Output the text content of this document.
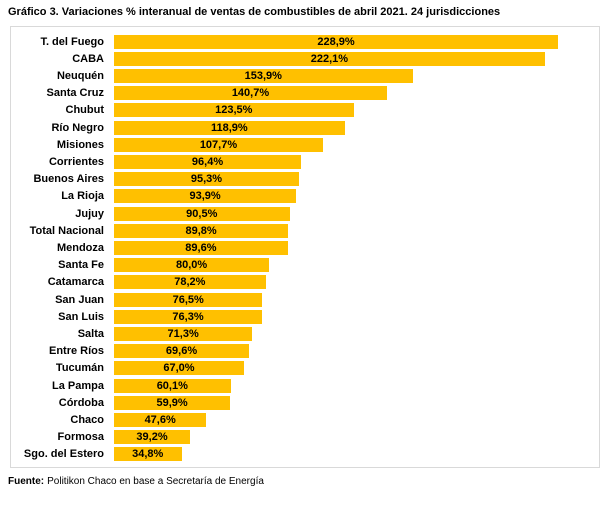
Gráfico 3. Variaciones % interanual de ventas de combustibles de abril 2021. 24 jurisdicciones
T. del Fuego	228,9%
CABA	222,1%
Neuquén	153,9%
Santa Cruz	140,7%
Chubut	123,5%
Río Negro	118,9%
Misiones	107,7%
Corrientes	96,4%
Buenos Aires	95,3%
La Rioja	93,9%
Jujuy	90,5%
Total Nacional	89,8%
Mendoza	89,6%
Santa Fe	80,0%
Catamarca	78,2%
San Juan	76,5%
San Luis	76,3%
Salta	71,3%
Entre Ríos	69,6%
Tucumán	67,0%
La Pampa	60,1%
Córdoba	59,9%
Chaco	47,6%
Formosa	39,2%
Sgo. del Estero	34,8%
Fuente: Politikon Chaco en base a Secretaría de Energía
